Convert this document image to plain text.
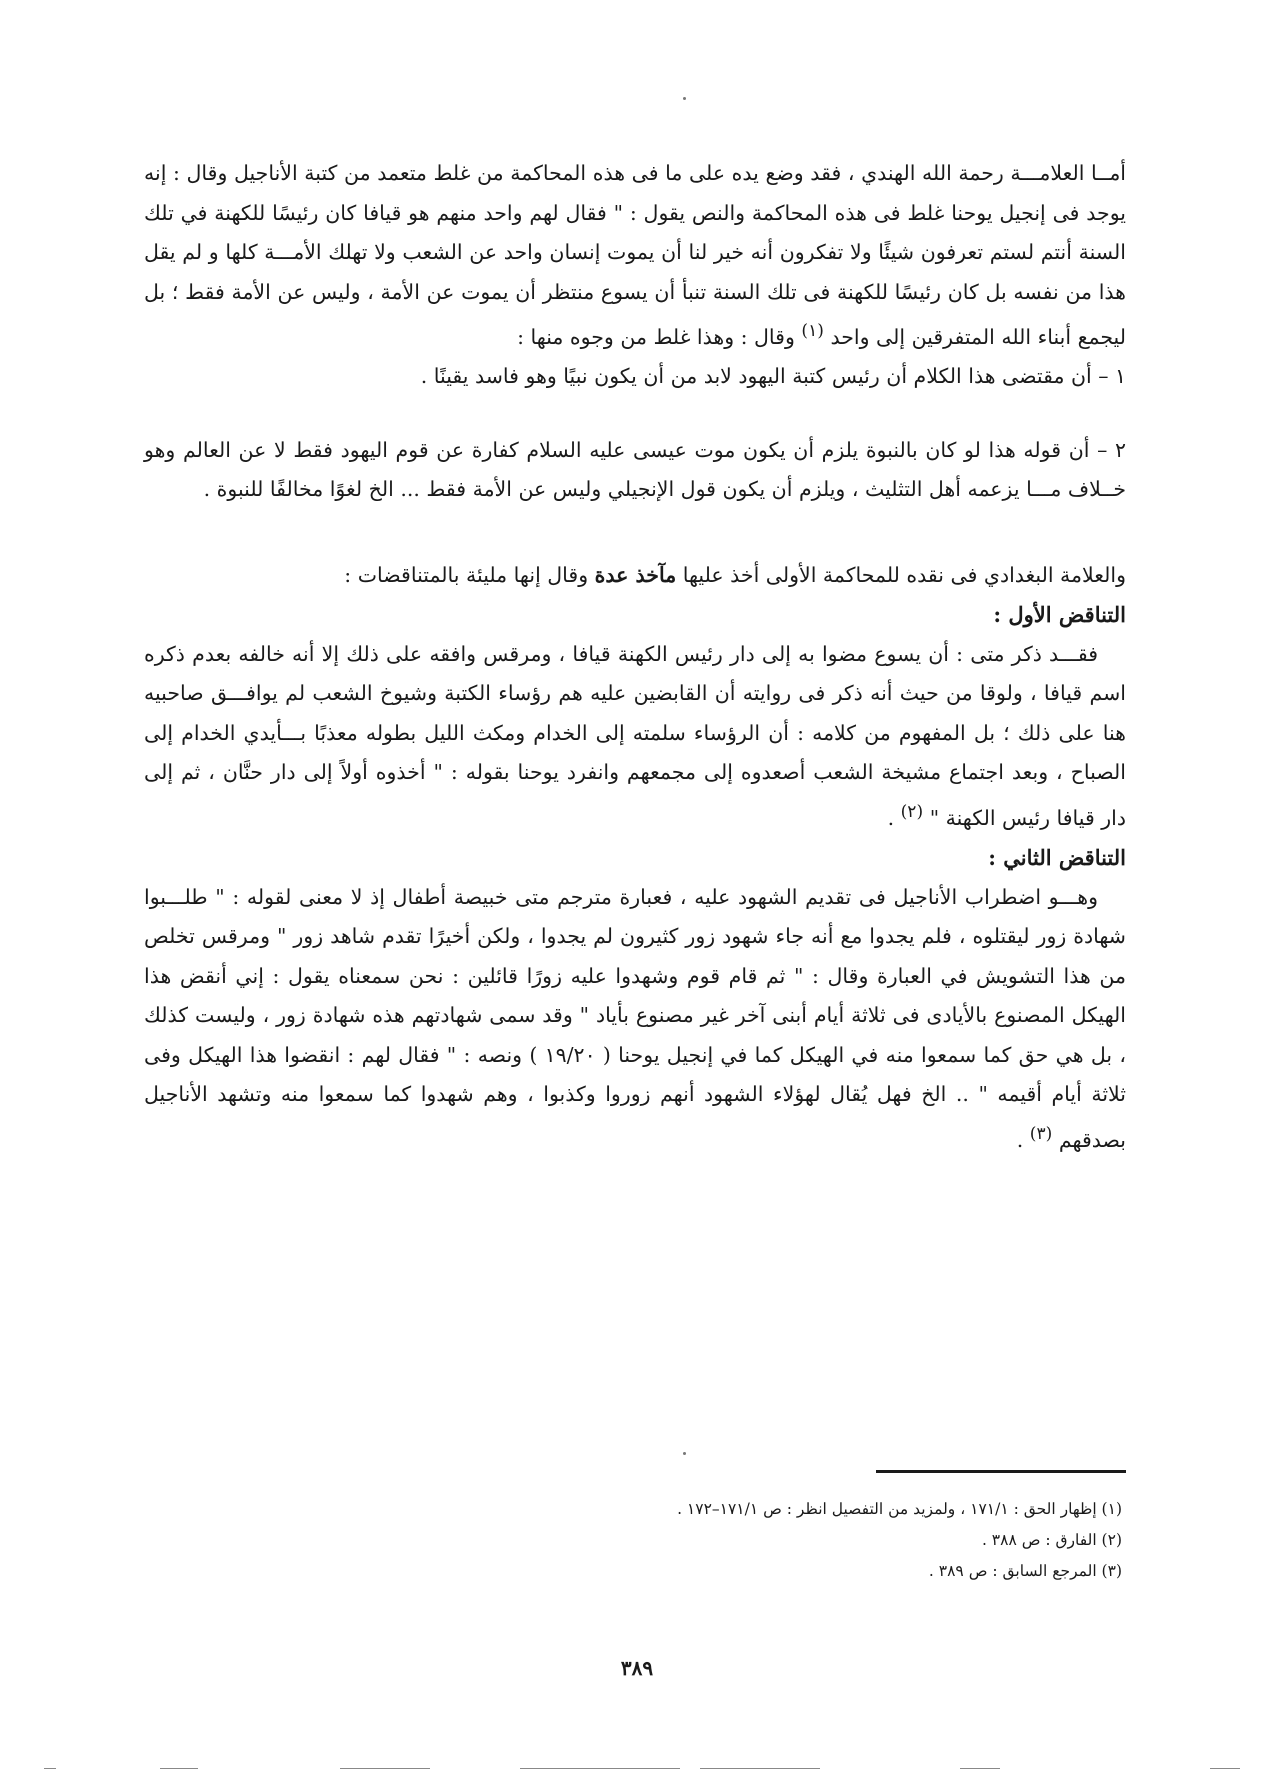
أمــا العلامـــة رحمة الله الهندي ، فقد وضع يده على ما فى هذه المحاكمة من غلط متعمد من كتبة الأناجيل وقال : إنه يوجد فى إنجيل يوحنا غلط فى هذه المحاكمة والنص يقول : " فقال لهم واحد منهم هو قيافا كان رئيسًا للكهنة في تلك السنة أنتم لستم تعرفون شيئًا ولا تفكرون أنه خير لنا أن يموت إنسان واحد عن الشعب ولا تهلك الأمـــة كلها و لم يقل هذا من نفسه بل كان رئيسًا للكهنة فى تلك السنة تنبأ أن يسوع منتظر أن يموت عن الأمة ، وليس عن الأمة فقط ؛ بل ليجمع أبناء الله المتفرقين إلى واحد $^{(١)}$ وقال : وهذا غلط من وجوه منها :

١ – أن مقتضى هذا الكلام أن رئيس كتبة اليهود لابد من أن يكون نبيًا وهو فاسد يقينًا .

٢ – أن قوله هذا لو كان بالنبوة يلزم أن يكون موت عيسى عليه السلام كفارة عن قوم اليهود فقط لا عن العالم وهو خــلاف مـــا يزعمه أهل التثليث ، ويلزم أن يكون قول الإنجيلي وليس عن الأمة فقط ... الخ لغوًا مخالفًا للنبوة .

والعلامة البغدادي فى نقده للمحاكمة الأولى أخذ عليها مآخذ عدة وقال إنها مليئة بالمتناقضات :

التناقض الأول :

فقـــد ذكر متى : أن يسوع مضوا به إلى دار رئيس الكهنة قيافا ، ومرقس وافقه على ذلك إلا أنه خالفه بعدم ذكره اسم قيافا ، ولوقا من حيث أنه ذكر فى روايته أن القابضين عليه هم رؤساء الكتبة وشيوخ الشعب لم يوافـــق صاحبيه هنا على ذلك ؛ بل المفهوم من كلامه : أن الرؤساء سلمته إلى الخدام ومكث الليل بطوله معذبًا بـــأيدي الخدام إلى الصباح ، وبعد اجتماع مشيخة الشعب أصعدوه إلى مجمعهم وانفرد يوحنا بقوله : " أخذوه أولاً إلى دار حنَّان ، ثم إلى دار قيافا رئيس الكهنة " $^{(٢)}$ .

التناقض الثاني :

وهـــو اضطراب الأناجيل فى تقديم الشهود عليه ، فعبارة مترجم متى خبيصة أطفال إذ لا معنى لقوله : " طلـــبوا شهادة زور ليقتلوه ، فلم يجدوا مع أنه جاء شهود زور كثيرون لم يجدوا ، ولكن أخيرًا تقدم شاهد زور " ومرقس تخلص من هذا التشويش في العبارة وقال : " ثم قام قوم وشهدوا عليه زورًا قائلين : نحن سمعناه يقول : إني أنقض هذا الهيكل المصنوع بالأيادى فى ثلاثة أيام أبنى آخر غير مصنوع بأياد " وقد سمى شهادتهم هذه شهادة زور ، وليست كذلك ، بل هي حق كما سمعوا منه في الهيكل كما في إنجيل يوحنا ( ١٩/٢٠ ) ونصه : " فقال لهم : انقضوا هذا الهيكل وفى ثلاثة أيام أقيمه " .. الخ فهل يُقال لهؤلاء الشهود أنهم زوروا وكذبوا ، وهم شهدوا كما سمعوا منه وتشهد الأناجيل بصدقهم $^{(٣)}$ .

(١) إظهار الحق : ١٧١/١ ، ولمزيد من التفصيل انظر : ص ١٧١/١–١٧٢ .

(٢) الفارق : ص ٣٨٨ .

(٣) المرجع السابق : ص ٣٨٩ .

٣٨٩
